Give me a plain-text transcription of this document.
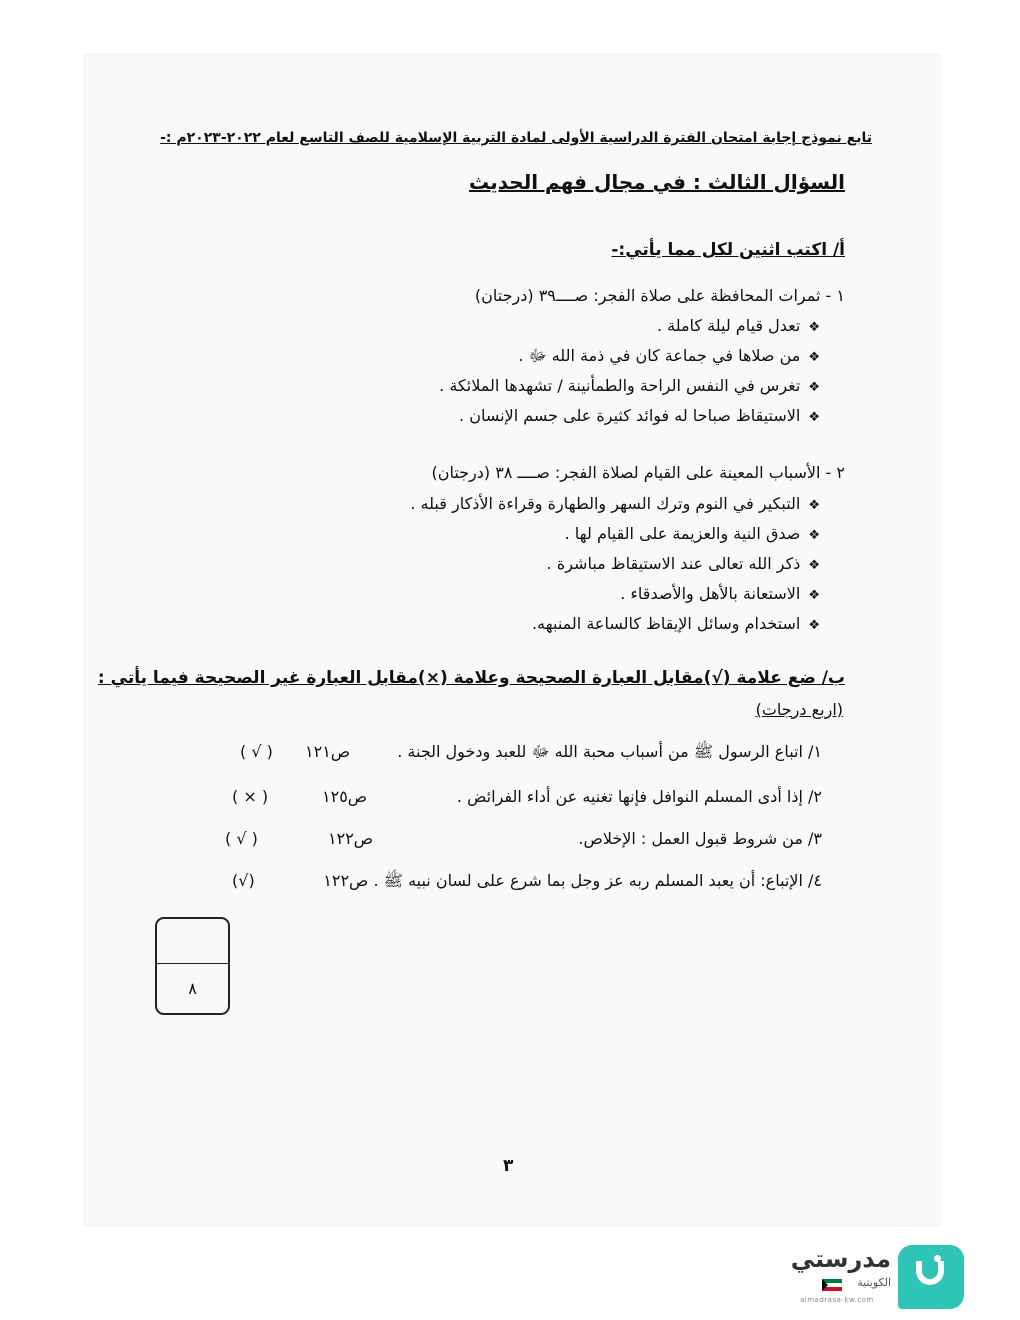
تابع نموذج إجابة امتحان الفترة الدراسية الأولى لمادة التربية الإسلامية للصف التاسع لعام ٢٠٢٢-٢٠٢٣م :-
السؤال الثالث : في مجال فهم الحديث
أ/ اكتب اثنين لكل مما يأتي:-
١ - ثمرات المحافظة على صلاة الفجر: صــــ٣٩ (درجتان)
❖تعدل قيام ليلة كاملة .
❖من صلاها في جماعة كان في ذمة الله ﷻ .
❖تغرس في النفس الراحة والطمأنينة / تشهدها الملائكة .
❖الاستيقاظ صباحا له فوائد كثيرة على جسم الإنسان .
٢ - الأسباب المعينة على القيام لصلاة الفجر: صــــ ٣٨ (درجتان)
❖التبكير في النوم وترك السهر والطهارة وقراءة الأذكار قبله .
❖صدق النية والعزيمة على القيام لها .
❖ذكر الله تعالى عند الاستيقاظ مباشرة .
❖الاستعانة بالأهل والأصدقاء .
❖استخدام وسائل الإيقاظ كالساعة المنبهه.
ب/ ضع علامة (√)مقابل العبارة الصحيحة وعلامة (×)مقابل العبارة غير الصحيحة فيما يأتي :
(اربع درجات)
١/ اتباع الرسول ﷺ من أسباب محبة الله ﷻ للعبد ودخول الجنة .
ص١٢١
( √ )
٢/ إذا أدى المسلم النوافل فإنها تغنيه عن أداء الفرائض .
ص١٢٥
( × )
٣/ من شروط قبول العمل : الإخلاص.
ص١٢٢
( √ )
٤/ الإتباع: أن يعبد المسلم ربه عز وجل بما شرع على لسان نبيه ﷺ . ص١٢٢
(√)
٨
٣
مدرستي
الكويتية
almadrasa-kw.com
